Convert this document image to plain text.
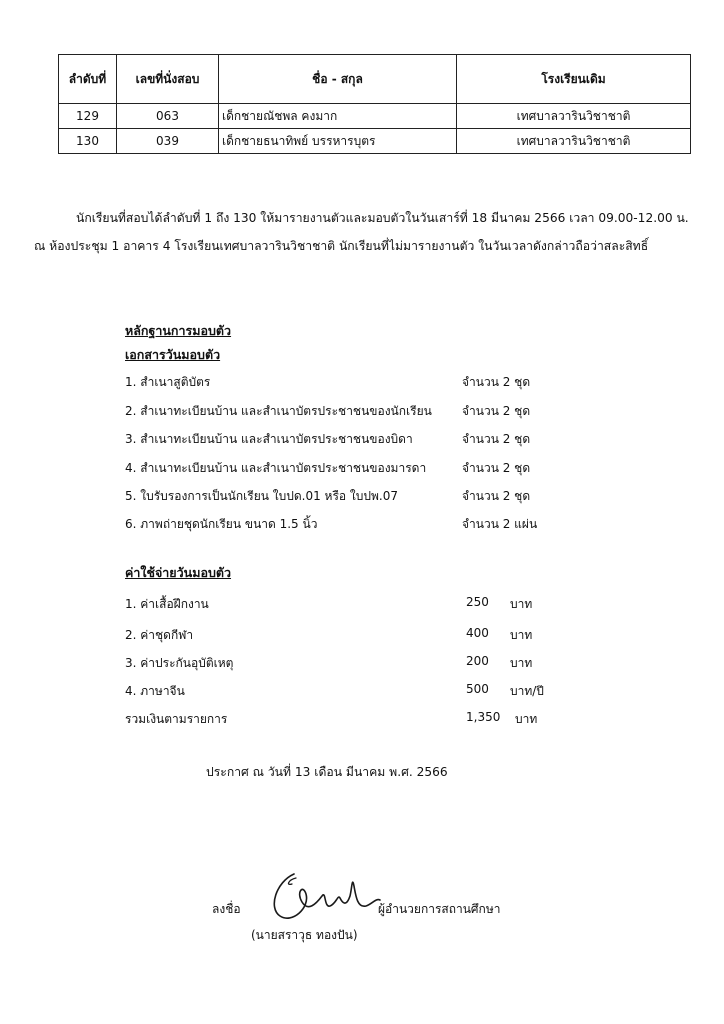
ลำดับที่	เลขที่นั่งสอบ	ชื่อ - สกุล	โรงเรียนเดิม
129	063	เด็กชายณัชพล คงมาก	เทศบาลวารินวิชาชาติ
130	039	เด็กชายธนาทิพย์ บรรหารบุตร	เทศบาลวารินวิชาชาติ
นักเรียนที่สอบได้ลำดับที่ 1 ถึง 130 ให้มารายงานตัวและมอบตัวในวันเสาร์ที่ 18 มีนาคม 2566 เวลา 09.00-12.00 น.
ณ ห้องประชุม 1 อาคาร 4 โรงเรียนเทศบาลวารินวิชาชาติ นักเรียนที่ไม่มารายงานตัว ในวันเวลาดังกล่าวถือว่าสละสิทธิ์
หลักฐานการมอบตัว
เอกสารวันมอบตัว
1. สำเนาสูติบัตร	จำนวน 2 ชุด
2. สำเนาทะเบียนบ้าน และสำเนาบัตรประชาชนของนักเรียน	จำนวน 2 ชุด
3. สำเนาทะเบียนบ้าน และสำเนาบัตรประชาชนของบิดา	จำนวน 2 ชุด
4. สำเนาทะเบียนบ้าน และสำเนาบัตรประชาชนของมารดา	จำนวน 2 ชุด
5. ใบรับรองการเป็นนักเรียน ใบปด.01 หรือ ใบปพ.07	จำนวน 2 ชุด
6. ภาพถ่ายชุดนักเรียน ขนาด 1.5 นิ้ว	จำนวน 2 แผ่น
ค่าใช้จ่ายวันมอบตัว
1. ค่าเสื้อฝึกงาน	250 บาท
2. ค่าชุดกีฬา	400 บาท
3. ค่าประกันอุบัติเหตุ	200 บาท
4. ภาษาจีน	500 บาท/ปี
รวมเงินตามรายการ	1,350 บาท
ประกาศ ณ วันที่ 13 เดือน มีนาคม พ.ศ. 2566
ลงชื่อ	ผู้อำนวยการสถานศึกษา
(นายสราวุธ ทองปัน)
